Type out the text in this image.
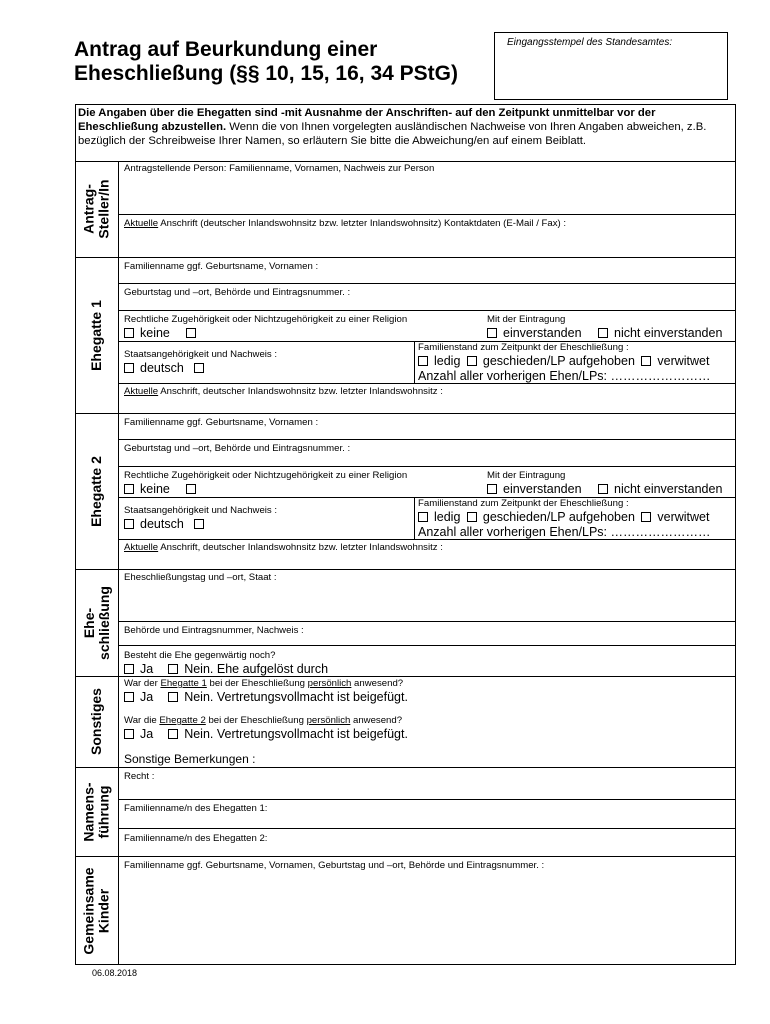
Antrag auf Beurkundung einer
Eheschließung (§§ 10, 15, 16, 34 PStG)
Eingangsstempel des Standesamtes:
Die Angaben über die Ehegatten sind -mit Ausnahme der Anschriften- auf den Zeitpunkt unmittelbar vor der Eheschließung abzustellen. Wenn die von Ihnen vorgelegten ausländischen Nachweise von Ihren Angaben abweichen, z.B. bezüglich der Schreibweise Ihrer Namen, so erläutern Sie bitte die Abweichung/en auf einem Beiblatt.
Antrag-
Steller/In
Antragstellende Person: Familienname, Vornamen, Nachweis zur Person
Aktuelle Anschrift (deutscher Inlandswohnsitz bzw. letzter Inlandswohnsitz) Kontaktdaten (E-Mail / Fax) :
Ehegatte 1
Familienname ggf. Geburtsname, Vornamen :
Geburtstag und –ort, Behörde und Eintragsnummer. :
Rechtliche Zugehörigkeit oder Nichtzugehörigkeit zu einer Religion	Mit der Eintragung
keine	einverstanden	nicht einverstanden
Staatsangehörigkeit und Nachweis :
deutsch
Familienstand zum Zeitpunkt der Eheschließung :
ledig geschieden/LP aufgehoben verwitwet
Anzahl aller vorherigen Ehen/LPs: ……………………
Aktuelle Anschrift, deutscher Inlandswohnsitz bzw. letzter Inlandswohnsitz :
Ehegatte 2
Familienname ggf. Geburtsname, Vornamen :
Geburtstag und –ort, Behörde und Eintragsnummer. :
Rechtliche Zugehörigkeit oder Nichtzugehörigkeit zu einer Religion	Mit der Eintragung
keine	einverstanden	nicht einverstanden
Staatsangehörigkeit und Nachweis :
deutsch
Familienstand zum Zeitpunkt der Eheschließung :
ledig geschieden/LP aufgehoben verwitwet
Anzahl aller vorherigen Ehen/LPs: ……………………
Aktuelle Anschrift, deutscher Inlandswohnsitz bzw. letzter Inlandswohnsitz :
Ehe-
schließung
Eheschließungstag und –ort, Staat :
Behörde und Eintragsnummer, Nachweis :
Besteht die Ehe gegenwärtig noch?
Ja Nein. Ehe aufgelöst durch
Sonstiges
War der Ehegatte 1 bei der Eheschließung persönlich anwesend?
Ja Nein. Vertretungsvollmacht ist beigefügt.
War die Ehegatte 2 bei der Eheschließung persönlich anwesend?
Ja Nein. Vertretungsvollmacht ist beigefügt.
Sonstige Bemerkungen :
Namens-
führung
Recht :
Familienname/n des Ehegatten 1:
Familienname/n des Ehegatten 2:
Gemeinsame
Kinder
Familienname ggf. Geburtsname, Vornamen, Geburtstag und –ort, Behörde und Eintragsnummer. :
06.08.2018
